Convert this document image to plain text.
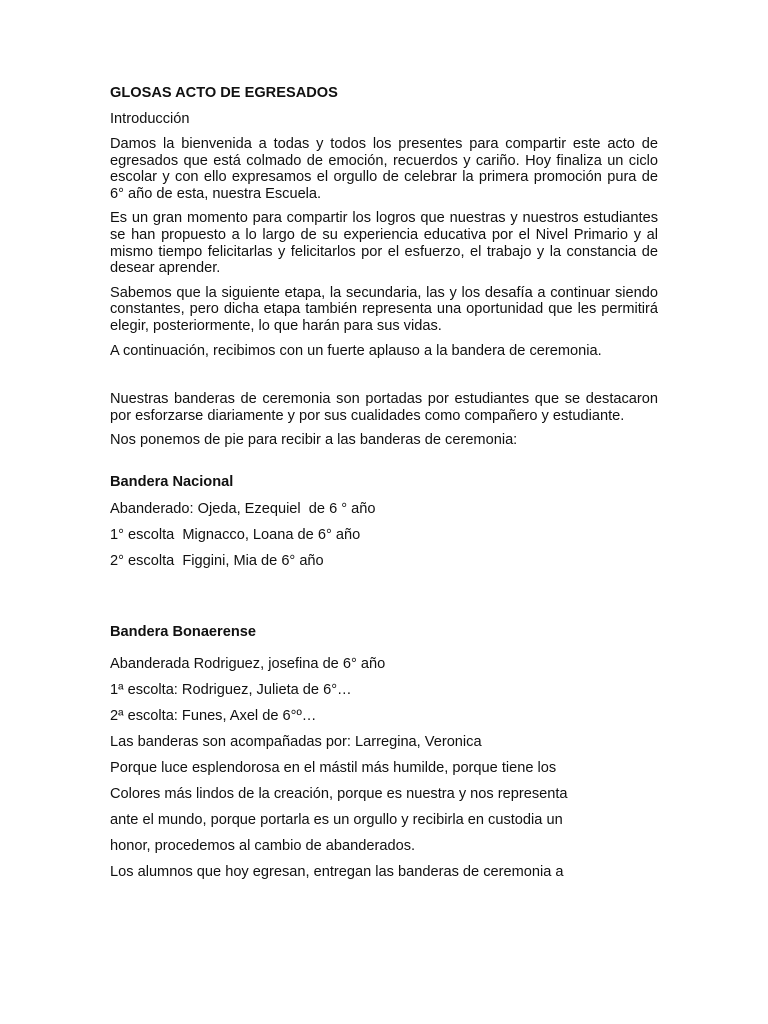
GLOSAS ACTO DE EGRESADOS

Introducción

Damos la bienvenida a todas y todos los presentes para compartir este acto de egresados que está colmado de emoción, recuerdos y cariño. Hoy finaliza un ciclo escolar y con ello expresamos el orgullo de celebrar la primera promoción pura de 6° año de esta, nuestra Escuela.

Es un gran momento para compartir los logros que nuestras y nuestros estudiantes se han propuesto a lo largo de su experiencia educativa por el Nivel Primario y al mismo tiempo felicitarlas y felicitarlos por el esfuerzo, el trabajo y la constancia de desear aprender.

Sabemos que la siguiente etapa, la secundaria, las y los desafía a continuar siendo constantes, pero dicha etapa también representa una oportunidad que les permitirá elegir, posteriormente, lo que harán para sus vidas.

A continuación, recibimos con un fuerte aplauso a la bandera de ceremonia.

Nuestras banderas de ceremonia son portadas por estudiantes que se destacaron por esforzarse diariamente y por sus cualidades como compañero y estudiante.

Nos ponemos de pie para recibir a las banderas de ceremonia:

Bandera Nacional

Abanderado: Ojeda, Ezequiel  de 6 ° año

1° escolta  Mignacco, Loana de 6° año

2° escolta  Figgini, Mia de 6° año

Bandera Bonaerense

Abanderada Rodriguez, josefina de 6° año

1ª escolta: Rodriguez, Julieta de 6°…

2ª escolta: Funes, Axel de 6°º…

Las banderas son acompañadas por: Larregina, Veronica

Porque luce esplendorosa en el mástil más humilde, porque tiene los

Colores más lindos de la creación, porque es nuestra y nos representa

ante el mundo, porque portarla es un orgullo y recibirla en custodia un

honor, procedemos al cambio de abanderados.

Los alumnos que hoy egresan, entregan las banderas de ceremonia a
